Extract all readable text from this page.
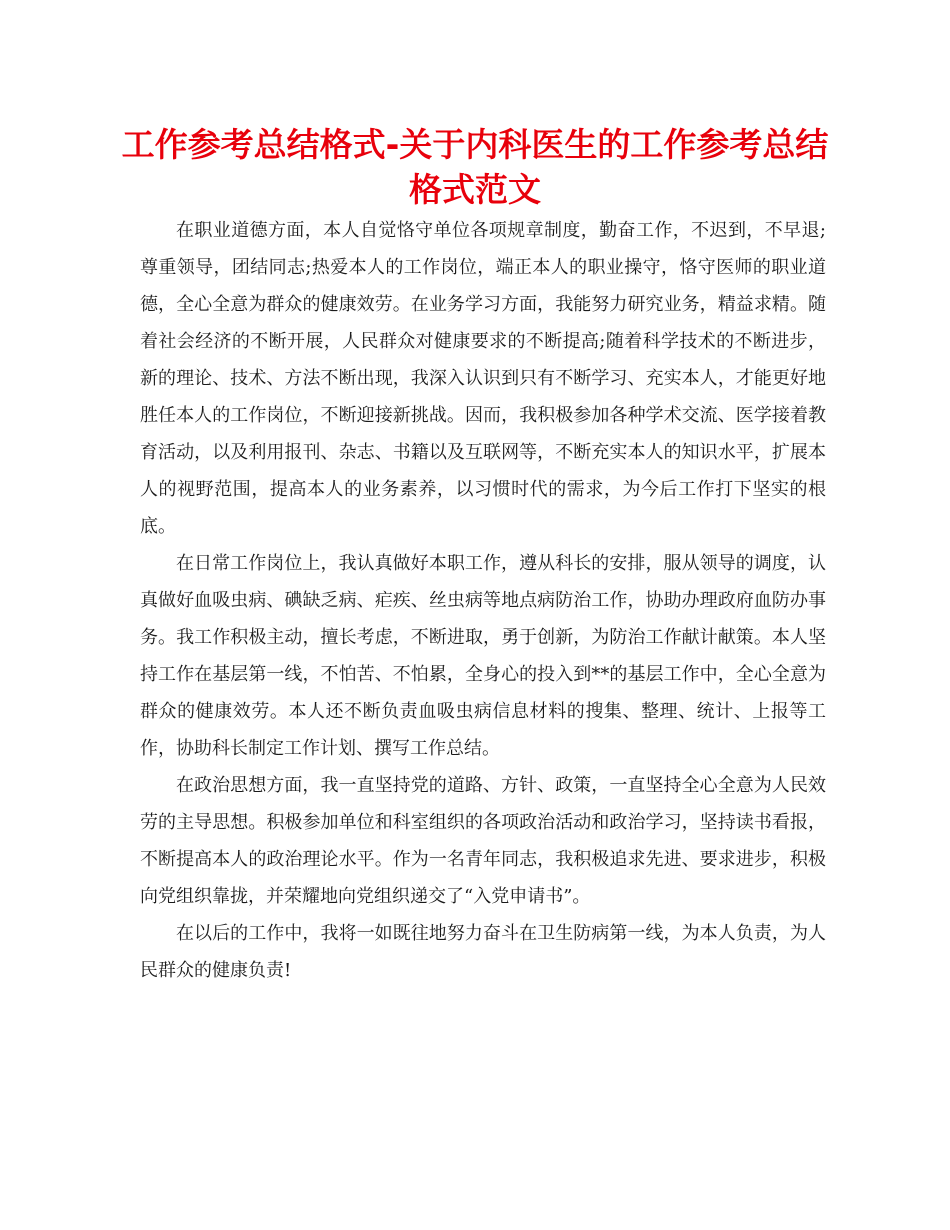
工作参考总结格式-关于内科医生的工作参考总结格式范文

在职业道德方面，本人自觉恪守单位各项规章制度，勤奋工作，不迟到，不早退;尊重领导，团结同志;热爱本人的工作岗位，端正本人的职业操守，恪守医师的职业道德，全心全意为群众的健康效劳。在业务学习方面，我能努力研究业务，精益求精。随着社会经济的不断开展，人民群众对健康要求的不断提高;随着科学技术的不断进步，新的理论、技术、方法不断出现，我深入认识到只有不断学习、充实本人，才能更好地胜任本人的工作岗位，不断迎接新挑战。因而，我积极参加各种学术交流、医学接着教育活动，以及利用报刊、杂志、书籍以及互联网等，不断充实本人的知识水平，扩展本人的视野范围，提高本人的业务素养，以习惯时代的需求，为今后工作打下坚实的根底。

在日常工作岗位上，我认真做好本职工作，遵从科长的安排，服从领导的调度，认真做好血吸虫病、碘缺乏病、疟疾、丝虫病等地点病防治工作，协助办理政府血防办事务。我工作积极主动，擅长考虑，不断进取，勇于创新，为防治工作献计献策。本人坚持工作在基层第一线，不怕苦、不怕累，全身心的投入到**的基层工作中，全心全意为群众的健康效劳。本人还不断负责血吸虫病信息材料的搜集、整理、统计、上报等工作，协助科长制定工作计划、撰写工作总结。

在政治思想方面，我一直坚持党的道路、方针、政策，一直坚持全心全意为人民效劳的主导思想。积极参加单位和科室组织的各项政治活动和政治学习，坚持读书看报，不断提高本人的政治理论水平。作为一名青年同志，我积极追求先进、要求进步，积极向党组织靠拢，并荣耀地向党组织递交了“入党申请书”。

在以后的工作中，我将一如既往地努力奋斗在卫生防病第一线，为本人负责，为人民群众的健康负责!
